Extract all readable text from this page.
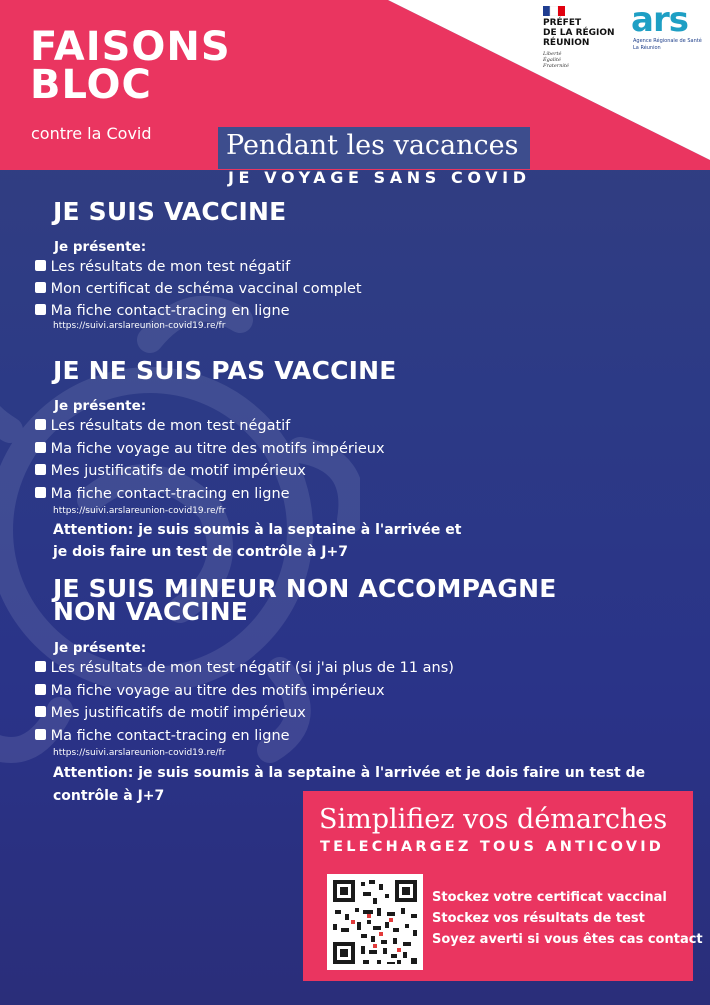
FAISONS
BLOC
contre la Covid	Pendant les vacances
JE VOYAGE SANS COVID
PRÉFET
DE LA RÉGION
RÉUNION
Liberté
Égalité
Fraternité
ars
Agence Régionale de Santé
La Réunion
JE SUIS VACCINE
Je présente:
Les résultats de mon test négatif
Mon certificat de schéma vaccinal complet
Ma fiche contact-tracing en ligne
https://suivi.arslareunion-covid19.re/fr
JE NE SUIS PAS VACCINE
Je présente:
Les résultats de mon test négatif
Ma fiche voyage au titre des motifs impérieux
Mes justificatifs de motif impérieux
Ma fiche contact-tracing en ligne
https://suivi.arslareunion-covid19.re/fr
Attention: je suis soumis à la septaine à l'arrivée et
je dois faire un test de contrôle à J+7
JE SUIS MINEUR NON ACCOMPAGNE
NON VACCINE
Je présente:
Les résultats de mon test négatif (si j'ai plus de 11 ans)
Ma fiche voyage au titre des motifs impérieux
Mes justificatifs de motif impérieux
Ma fiche contact-tracing en ligne
https://suivi.arslareunion-covid19.re/fr
Attention: je suis soumis à la septaine à l'arrivée et je dois faire un test de
contrôle à J+7
Simplifiez vos démarches
TELECHARGEZ TOUS ANTICOVID
Stockez votre certificat vaccinal
Stockez vos résultats de test
Soyez averti si vous êtes cas contact
